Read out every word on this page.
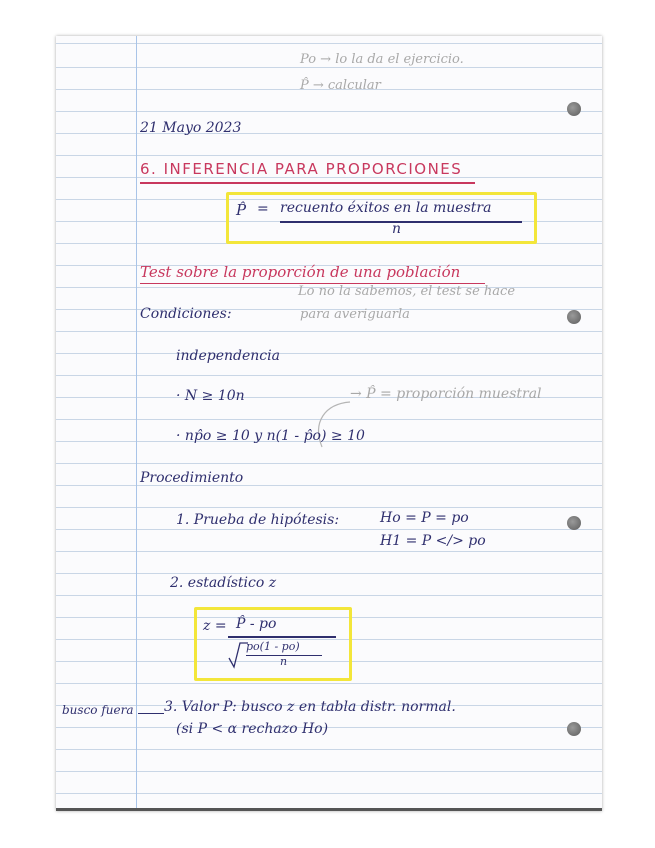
Po → lo la da el ejercicio.
P̂ → calcular
21 Mayo 2023
6. INFERENCIA PARA PROPORCIONES
P̂ = recuento éxitos en la muestra
n
Test sobre la proporción de una población
Lo no la sabemos, el test se hace
para averiguarla
Condiciones:
independencia
· N ≥ 10n	→ P̂ = proporción muestral
· np̂o ≥ 10 y n(1 - p̂o) ≥ 10
Procedimiento
1. Prueba de hipótesis:	Ho = P = po
H1 = P </> po
2. estadístico z
z = P̂ - po
po(1 - po)
n
busco fuera 3. Valor P: busco z en tabla distr. normal.
(si P < α rechazo Ho)
